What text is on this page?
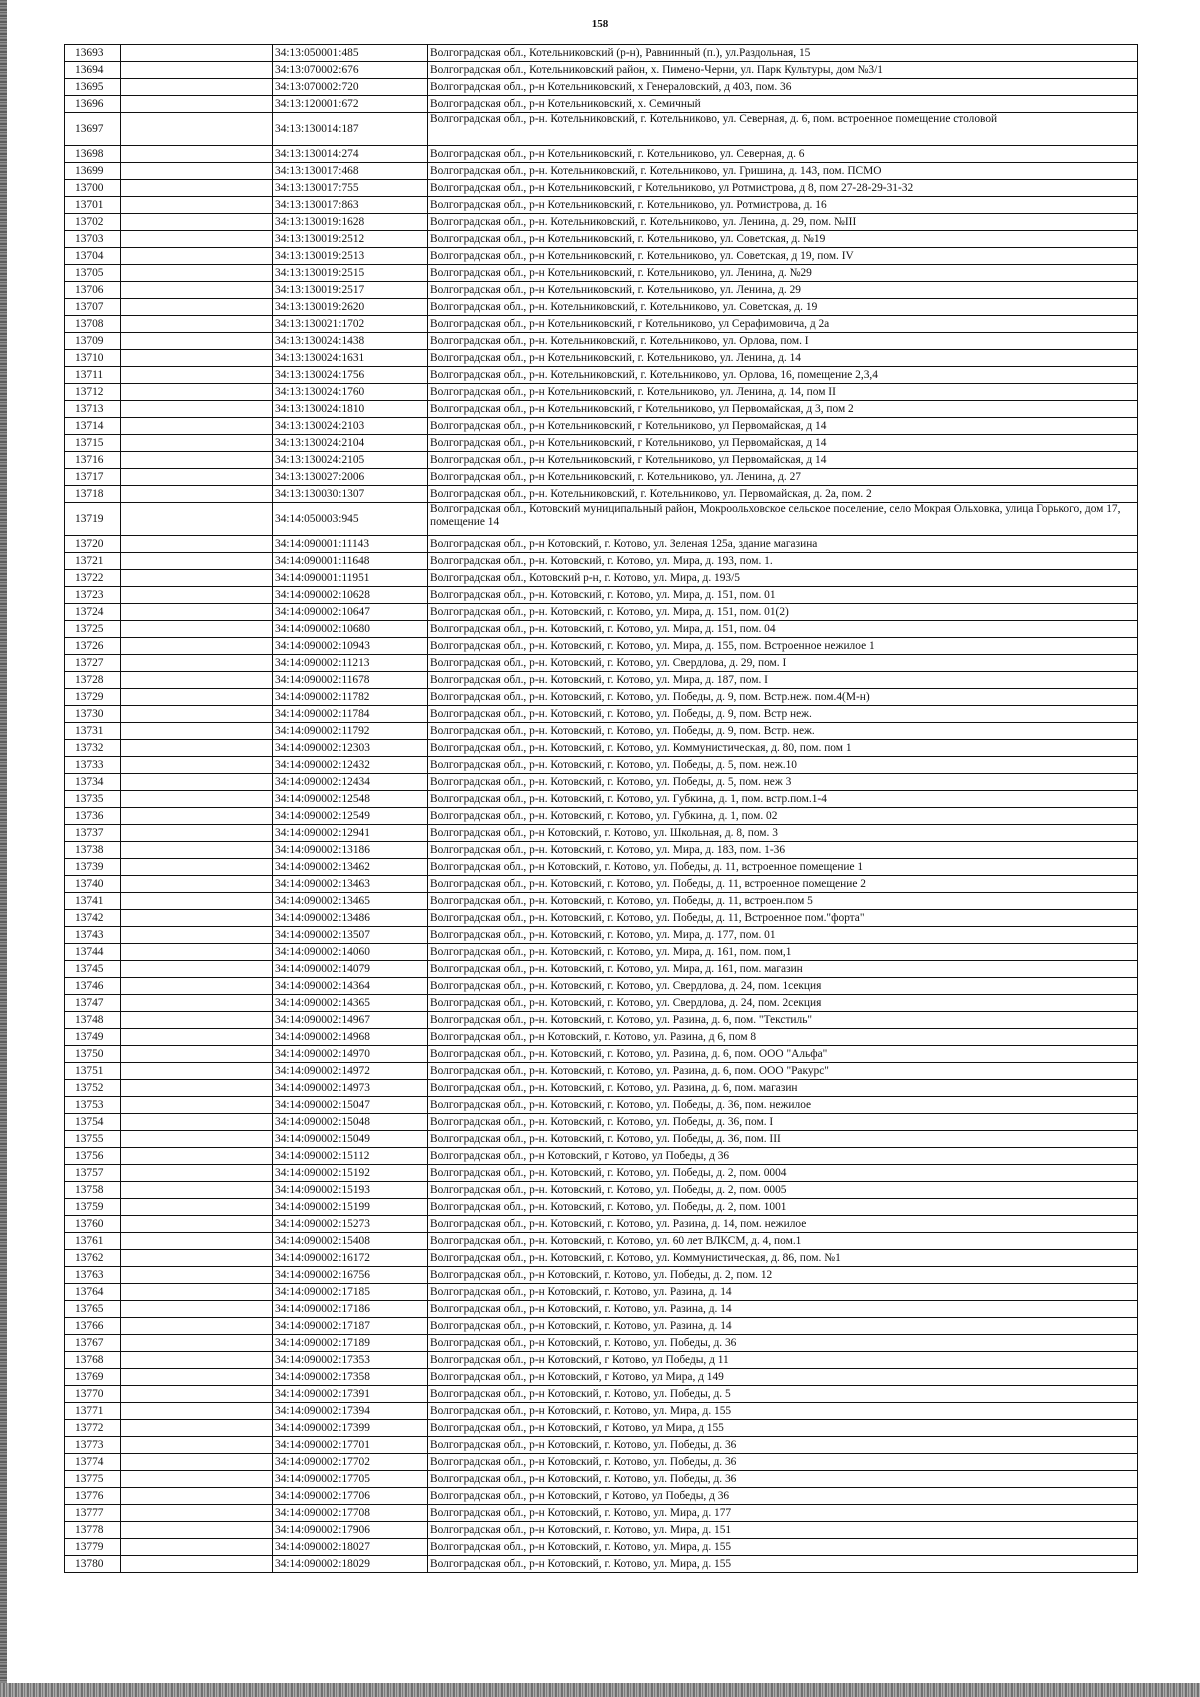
158
13693		34:13:050001:485	Волгоградская обл., Котельниковский (р-н), Равнинный (п.), ул.Раздольная, 15
13694		34:13:070002:676	Волгоградская обл., Котельниковский район, х. Пимено-Черни, ул. Парк Культуры, дом №3/1
13695		34:13:070002:720	Волгоградская обл., р-н Котельниковский, х Генераловский, д 403, пом. 36
13696		34:13:120001:672	Волгоградская обл., р-н Котельниковский, х. Семичный
13697		34:13:130014:187	Волгоградская обл., р-н. Котельниковский, г. Котельниково, ул. Северная, д. 6, пом. встроенное помещение столовой
13698		34:13:130014:274	Волгоградская обл., р-н Котельниковский, г. Котельниково, ул. Северная, д. 6
13699		34:13:130017:468	Волгоградская обл., р-н. Котельниковский, г. Котельниково, ул. Гришина, д. 143, пом. ПСМО
13700		34:13:130017:755	Волгоградская обл., р-н Котельниковский, г Котельниково, ул Ротмистрова, д 8, пом 27-28-29-31-32
13701		34:13:130017:863	Волгоградская обл., р-н Котельниковский, г. Котельниково, ул. Ротмистрова, д. 16
13702		34:13:130019:1628	Волгоградская обл., р-н. Котельниковский, г. Котельниково, ул. Ленина, д. 29, пом. №III
13703		34:13:130019:2512	Волгоградская обл., р-н Котельниковский, г. Котельниково, ул. Советская, д. №19
13704		34:13:130019:2513	Волгоградская обл., р-н Котельниковский, г. Котельниково, ул. Советская, д 19, пом. IV
13705		34:13:130019:2515	Волгоградская обл., р-н Котельниковский, г. Котельниково, ул. Ленина, д. №29
13706		34:13:130019:2517	Волгоградская обл., р-н Котельниковский, г. Котельниково, ул. Ленина, д. 29
13707		34:13:130019:2620	Волгоградская обл., р-н. Котельниковский, г. Котельниково, ул. Советская, д. 19
13708		34:13:130021:1702	Волгоградская обл., р-н Котельниковский, г Котельниково, ул Серафимовича, д 2а
13709		34:13:130024:1438	Волгоградская обл., р-н. Котельниковский, г. Котельниково, ул. Орлова, пом. I
13710		34:13:130024:1631	Волгоградская обл., р-н Котельниковский, г. Котельниково, ул. Ленина, д. 14
13711		34:13:130024:1756	Волгоградская обл., р-н. Котельниковский, г. Котельниково, ул. Орлова, 16, помещение 2,3,4
13712		34:13:130024:1760	Волгоградская обл., р-н Котельниковский, г. Котельниково, ул. Ленина, д. 14, пом II
13713		34:13:130024:1810	Волгоградская обл., р-н Котельниковский, г Котельниково, ул Первомайская, д 3, пом 2
13714		34:13:130024:2103	Волгоградская обл., р-н Котельниковский, г Котельниково, ул Первомайская, д 14
13715		34:13:130024:2104	Волгоградская обл., р-н Котельниковский, г Котельниково, ул Первомайская, д 14
13716		34:13:130024:2105	Волгоградская обл., р-н Котельниковский, г Котельниково, ул Первомайская, д 14
13717		34:13:130027:2006	Волгоградская обл., р-н Котельниковский, г. Котельниково, ул. Ленина, д. 27
13718		34:13:130030:1307	Волгоградская обл., р-н. Котельниковский, г. Котельниково, ул. Первомайская, д. 2а, пом. 2
13719		34:14:050003:945	Волгоградская обл., Котовский муниципальный район, Мокроольховское сельское поселение, село Мокрая Ольховка, улица Горького, дом 17, помещение 14
13720		34:14:090001:11143	Волгоградская обл., р-н Котовский, г. Котово, ул. Зеленая 125а, здание магазина
13721		34:14:090001:11648	Волгоградская обл., р-н. Котовский, г. Котово, ул. Мира, д. 193, пом. 1.
13722		34:14:090001:11951	Волгоградская обл., Котовский р-н, г. Котово, ул. Мира, д. 193/5
13723		34:14:090002:10628	Волгоградская обл., р-н. Котовский, г. Котово, ул. Мира, д. 151, пом. 01
13724		34:14:090002:10647	Волгоградская обл., р-н. Котовский, г. Котово, ул. Мира, д. 151, пом. 01(2)
13725		34:14:090002:10680	Волгоградская обл., р-н. Котовский, г. Котово, ул. Мира, д. 151, пом. 04
13726		34:14:090002:10943	Волгоградская обл., р-н. Котовский, г. Котово, ул. Мира, д. 155, пом. Встроенное нежилое 1
13727		34:14:090002:11213	Волгоградская обл., р-н. Котовский, г. Котово, ул. Свердлова, д. 29, пом. I
13728		34:14:090002:11678	Волгоградская обл., р-н. Котовский, г. Котово, ул. Мира, д. 187, пом. I
13729		34:14:090002:11782	Волгоградская обл., р-н. Котовский, г. Котово, ул. Победы, д. 9, пом. Встр.неж. пом.4(М-н)
13730		34:14:090002:11784	Волгоградская обл., р-н. Котовский, г. Котово, ул. Победы, д. 9, пом. Встр неж.
13731		34:14:090002:11792	Волгоградская обл., р-н. Котовский, г. Котово, ул. Победы, д. 9, пом. Встр. неж.
13732		34:14:090002:12303	Волгоградская обл., р-н. Котовский, г. Котово, ул. Коммунистическая, д. 80, пом. пом 1
13733		34:14:090002:12432	Волгоградская обл., р-н. Котовский, г. Котово, ул. Победы, д. 5, пом. неж.10
13734		34:14:090002:12434	Волгоградская обл., р-н. Котовский, г. Котово, ул. Победы, д. 5, пом. неж 3
13735		34:14:090002:12548	Волгоградская обл., р-н. Котовский, г. Котово, ул. Губкина, д. 1, пом. встр.пом.1-4
13736		34:14:090002:12549	Волгоградская обл., р-н. Котовский, г. Котово, ул. Губкина, д. 1, пом. 02
13737		34:14:090002:12941	Волгоградская обл., р-н Котовский, г. Котово, ул. Школьная, д. 8, пом. 3
13738		34:14:090002:13186	Волгоградская обл., р-н. Котовский, г. Котово, ул. Мира, д. 183, пом. 1-36
13739		34:14:090002:13462	Волгоградская обл., р-н Котовский, г. Котово, ул. Победы, д. 11, встроенное помещение 1
13740		34:14:090002:13463	Волгоградская обл., р-н. Котовский, г. Котово, ул. Победы, д. 11, встроенное помещение 2
13741		34:14:090002:13465	Волгоградская обл., р-н. Котовский, г. Котово, ул. Победы, д. 11, встроен.пом 5
13742		34:14:090002:13486	Волгоградская обл., р-н. Котовский, г. Котово, ул. Победы, д. 11, Встроенное пом."форта"
13743		34:14:090002:13507	Волгоградская обл., р-н. Котовский, г. Котово, ул. Мира, д. 177, пом. 01
13744		34:14:090002:14060	Волгоградская обл., р-н. Котовский, г. Котово, ул. Мира, д. 161, пом. пом,1
13745		34:14:090002:14079	Волгоградская обл., р-н. Котовский, г. Котово, ул. Мира, д. 161, пом. магазин
13746		34:14:090002:14364	Волгоградская обл., р-н. Котовский, г. Котово, ул. Свердлова, д. 24, пом. 1секция
13747		34:14:090002:14365	Волгоградская обл., р-н. Котовский, г. Котово, ул. Свердлова, д. 24, пом. 2секция
13748		34:14:090002:14967	Волгоградская обл., р-н. Котовский, г. Котово, ул. Разина, д. 6, пом. "Текстиль"
13749		34:14:090002:14968	Волгоградская обл., р-н Котовский, г. Котово, ул. Разина, д 6, пом 8
13750		34:14:090002:14970	Волгоградская обл., р-н. Котовский, г. Котово, ул. Разина, д. 6, пом. ООО "Альфа"
13751		34:14:090002:14972	Волгоградская обл., р-н. Котовский, г. Котово, ул. Разина, д. 6, пом. ООО "Ракурс"
13752		34:14:090002:14973	Волгоградская обл., р-н. Котовский, г. Котово, ул. Разина, д. 6, пом. магазин
13753		34:14:090002:15047	Волгоградская обл., р-н. Котовский, г. Котово, ул. Победы, д. 36, пом. нежилое
13754		34:14:090002:15048	Волгоградская обл., р-н. Котовский, г. Котово, ул. Победы, д. 36, пом. I
13755		34:14:090002:15049	Волгоградская обл., р-н. Котовский, г. Котово, ул. Победы, д. 36, пом. III
13756		34:14:090002:15112	Волгоградская обл., р-н Котовский, г Котово, ул Победы, д 36
13757		34:14:090002:15192	Волгоградская обл., р-н. Котовский, г. Котово, ул. Победы, д. 2, пом. 0004
13758		34:14:090002:15193	Волгоградская обл., р-н. Котовский, г. Котово, ул. Победы, д. 2, пом. 0005
13759		34:14:090002:15199	Волгоградская обл., р-н. Котовский, г. Котово, ул. Победы, д. 2, пом. 1001
13760		34:14:090002:15273	Волгоградская обл., р-н. Котовский, г. Котово, ул. Разина, д. 14, пом. нежилое
13761		34:14:090002:15408	Волгоградская обл., р-н. Котовский, г. Котово, ул. 60 лет ВЛКСМ, д. 4, пом.1
13762		34:14:090002:16172	Волгоградская обл., р-н. Котовский, г. Котово, ул. Коммунистическая, д. 86, пом. №1
13763		34:14:090002:16756	Волгоградская обл., р-н Котовский, г. Котово, ул. Победы, д. 2, пом. 12
13764		34:14:090002:17185	Волгоградская обл., р-н Котовский, г. Котово, ул. Разина, д. 14
13765		34:14:090002:17186	Волгоградская обл., р-н Котовский, г. Котово, ул. Разина, д. 14
13766		34:14:090002:17187	Волгоградская обл., р-н Котовский, г. Котово, ул. Разина, д. 14
13767		34:14:090002:17189	Волгоградская обл., р-н Котовский, г. Котово, ул. Победы, д. 36
13768		34:14:090002:17353	Волгоградская обл., р-н Котовский, г Котово, ул Победы, д 11
13769		34:14:090002:17358	Волгоградская обл., р-н Котовский, г Котово, ул Мира, д 149
13770		34:14:090002:17391	Волгоградская обл., р-н Котовский, г. Котово, ул. Победы, д. 5
13771		34:14:090002:17394	Волгоградская обл., р-н Котовский, г. Котово, ул. Мира, д. 155
13772		34:14:090002:17399	Волгоградская обл., р-н Котовский, г Котово, ул Мира, д 155
13773		34:14:090002:17701	Волгоградская обл., р-н Котовский, г. Котово, ул. Победы, д. 36
13774		34:14:090002:17702	Волгоградская обл., р-н Котовский, г. Котово, ул. Победы, д. 36
13775		34:14:090002:17705	Волгоградская обл., р-н Котовский, г. Котово, ул. Победы, д. 36
13776		34:14:090002:17706	Волгоградская обл., р-н Котовский, г Котово, ул Победы, д 36
13777		34:14:090002:17708	Волгоградская обл., р-н Котовский, г. Котово, ул. Мира, д. 177
13778		34:14:090002:17906	Волгоградская обл., р-н Котовский, г. Котово, ул. Мира, д. 151
13779		34:14:090002:18027	Волгоградская обл., р-н Котовский, г. Котово, ул. Мира, д. 155
13780		34:14:090002:18029	Волгоградская обл., р-н Котовский, г. Котово, ул. Мира, д. 155
